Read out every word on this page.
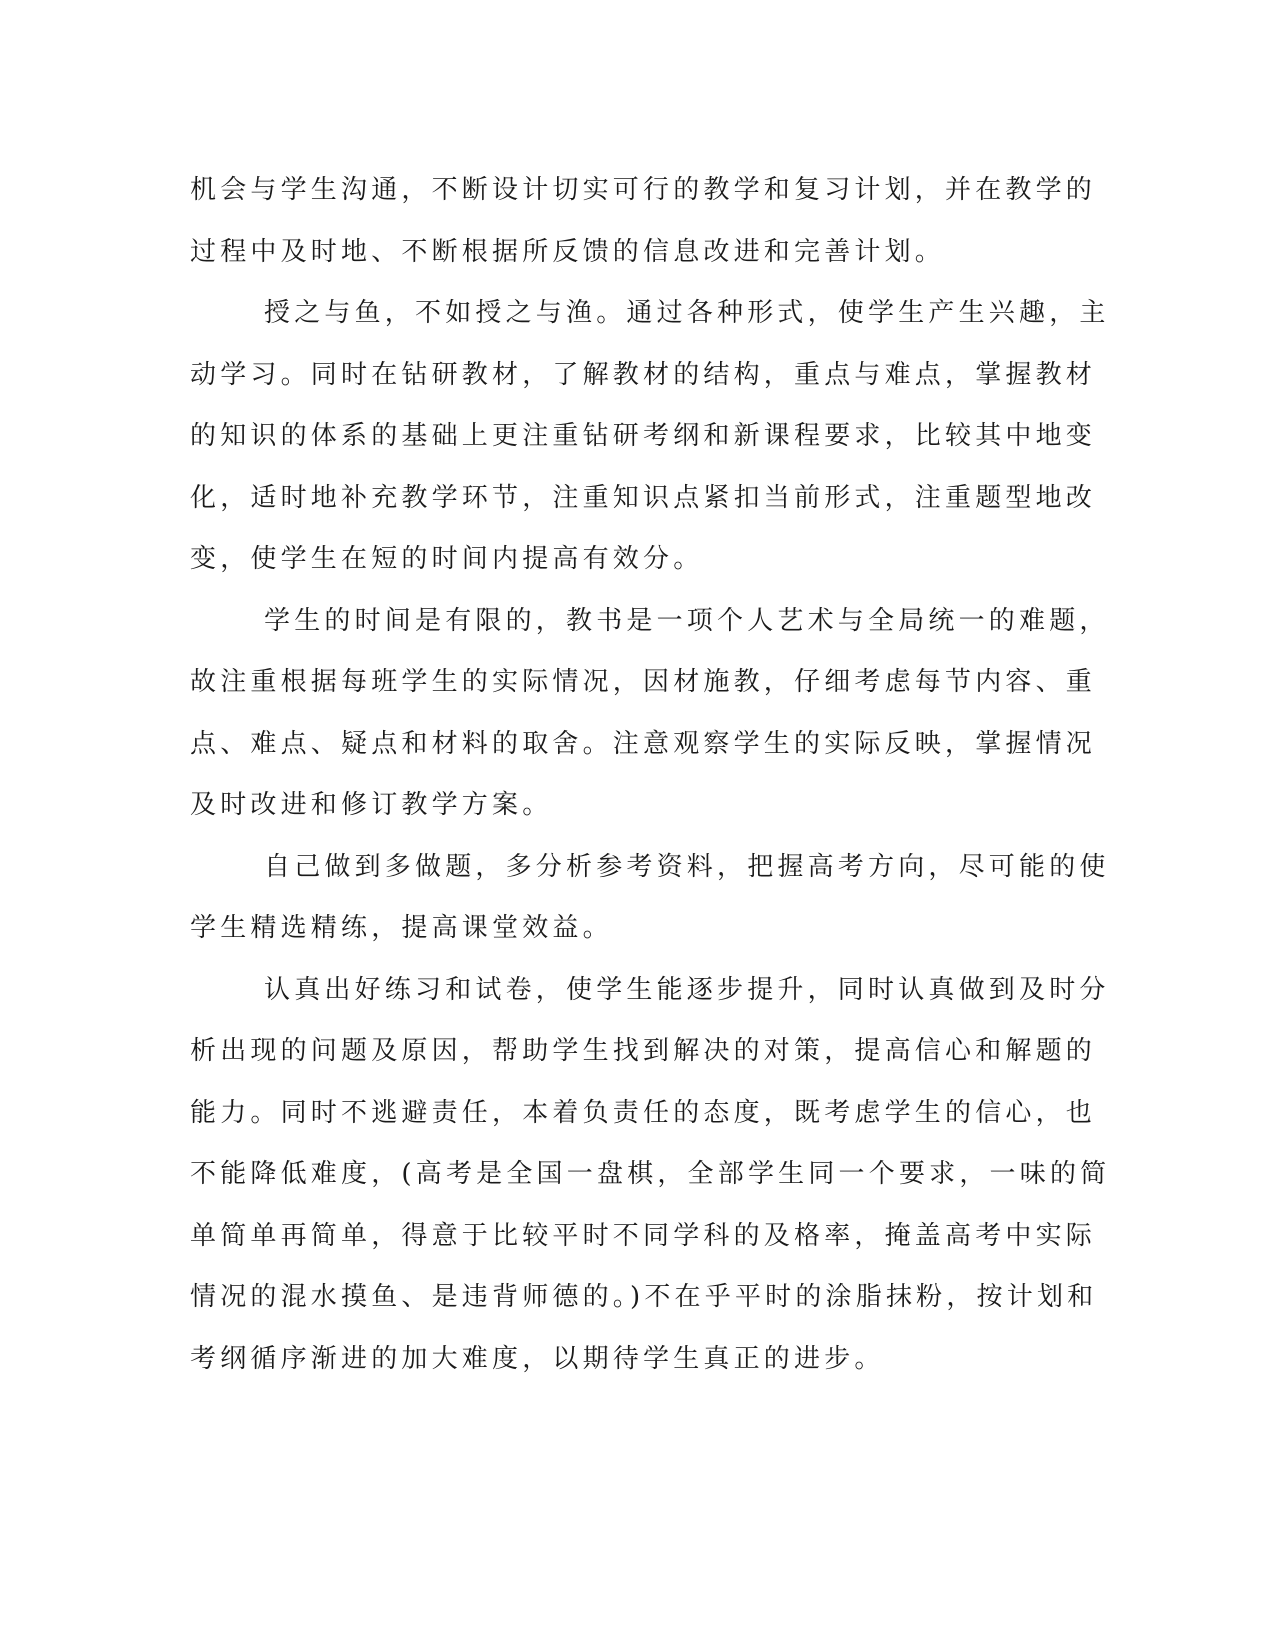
机会与学生沟通，不断设计切实可行的教学和复习计划，并在教学的
过程中及时地、不断根据所反馈的信息改进和完善计划。
授之与鱼，不如授之与渔。通过各种形式，使学生产生兴趣，主
动学习。同时在钻研教材，了解教材的结构，重点与难点，掌握教材
的知识的体系的基础上更注重钻研考纲和新课程要求，比较其中地变
化，适时地补充教学环节，注重知识点紧扣当前形式，注重题型地改
变，使学生在短的时间内提高有效分。
学生的时间是有限的，教书是一项个人艺术与全局统一的难题，
故注重根据每班学生的实际情况，因材施教，仔细考虑每节内容、重
点、难点、疑点和材料的取舍。注意观察学生的实际反映，掌握情况
及时改进和修订教学方案。
自己做到多做题，多分析参考资料，把握高考方向，尽可能的使
学生精选精练，提高课堂效益。
认真出好练习和试卷，使学生能逐步提升，同时认真做到及时分
析出现的问题及原因，帮助学生找到解决的对策，提高信心和解题的
能力。同时不逃避责任，本着负责任的态度，既考虑学生的信心，也
不能降低难度，(高考是全国一盘棋，全部学生同一个要求，一味的简
单简单再简单，得意于比较平时不同学科的及格率，掩盖高考中实际
情况的混水摸鱼、是违背师德的。)不在乎平时的涂脂抹粉，按计划和
考纲循序渐进的加大难度，以期待学生真正的进步。
